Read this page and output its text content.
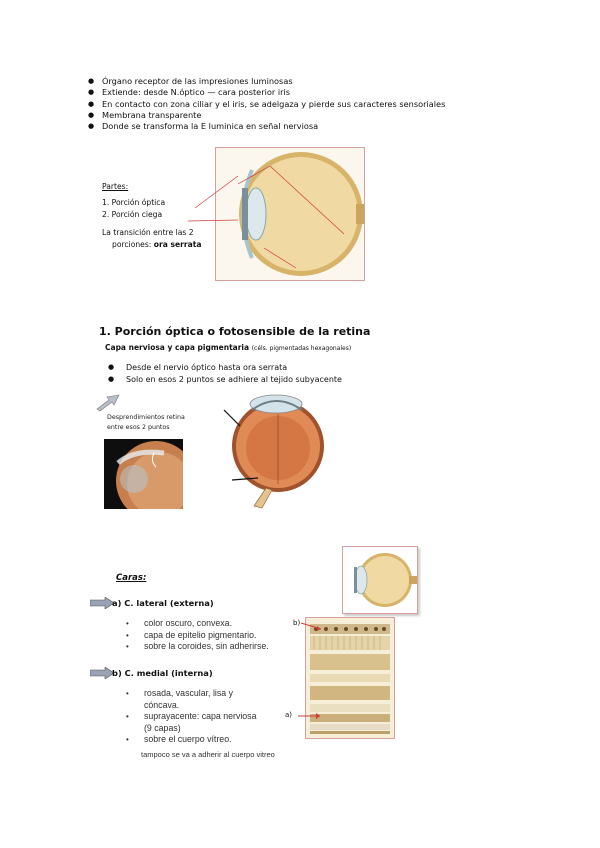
● Órgano receptor de las impresiones luminosas
● Extiende: desde N.óptico — cara posterior iris
● En contacto con zona ciliar y el iris, se adelgaza y pierde sus caracteres sensoriales
● Membrana transparente
● Donde se transforma la E luminica en señal nerviosa
Partes:
1. Porción óptica
2. Porción ciega
La transición entre las 2
porciones: ora serrata
1. Porción óptica o fotosensible de la retina
Capa nerviosa y capa pigmentaria (céls. pigmentadas hexagonales)
●	Desde el nervio óptico hasta ora serrata
●	Solo en esos 2 puntos se adhiere al tejido subyacente
Desprendimientos retina
entre esos 2 puntos
Caras:
a) C. lateral (externa)
•	color oscuro, convexa.
•	capa de epitelio pigmentario.
•	sobre la coroides, sin adherirse.
b) C. medial (interna)
•	rosada, vascular, lisa y
cóncava.
•	suprayacente: capa nerviosa
(9 capas)
•	sobre el cuerpo vítreo.
tampoco se va a adherir al cuerpo vitreo
b)
a)
